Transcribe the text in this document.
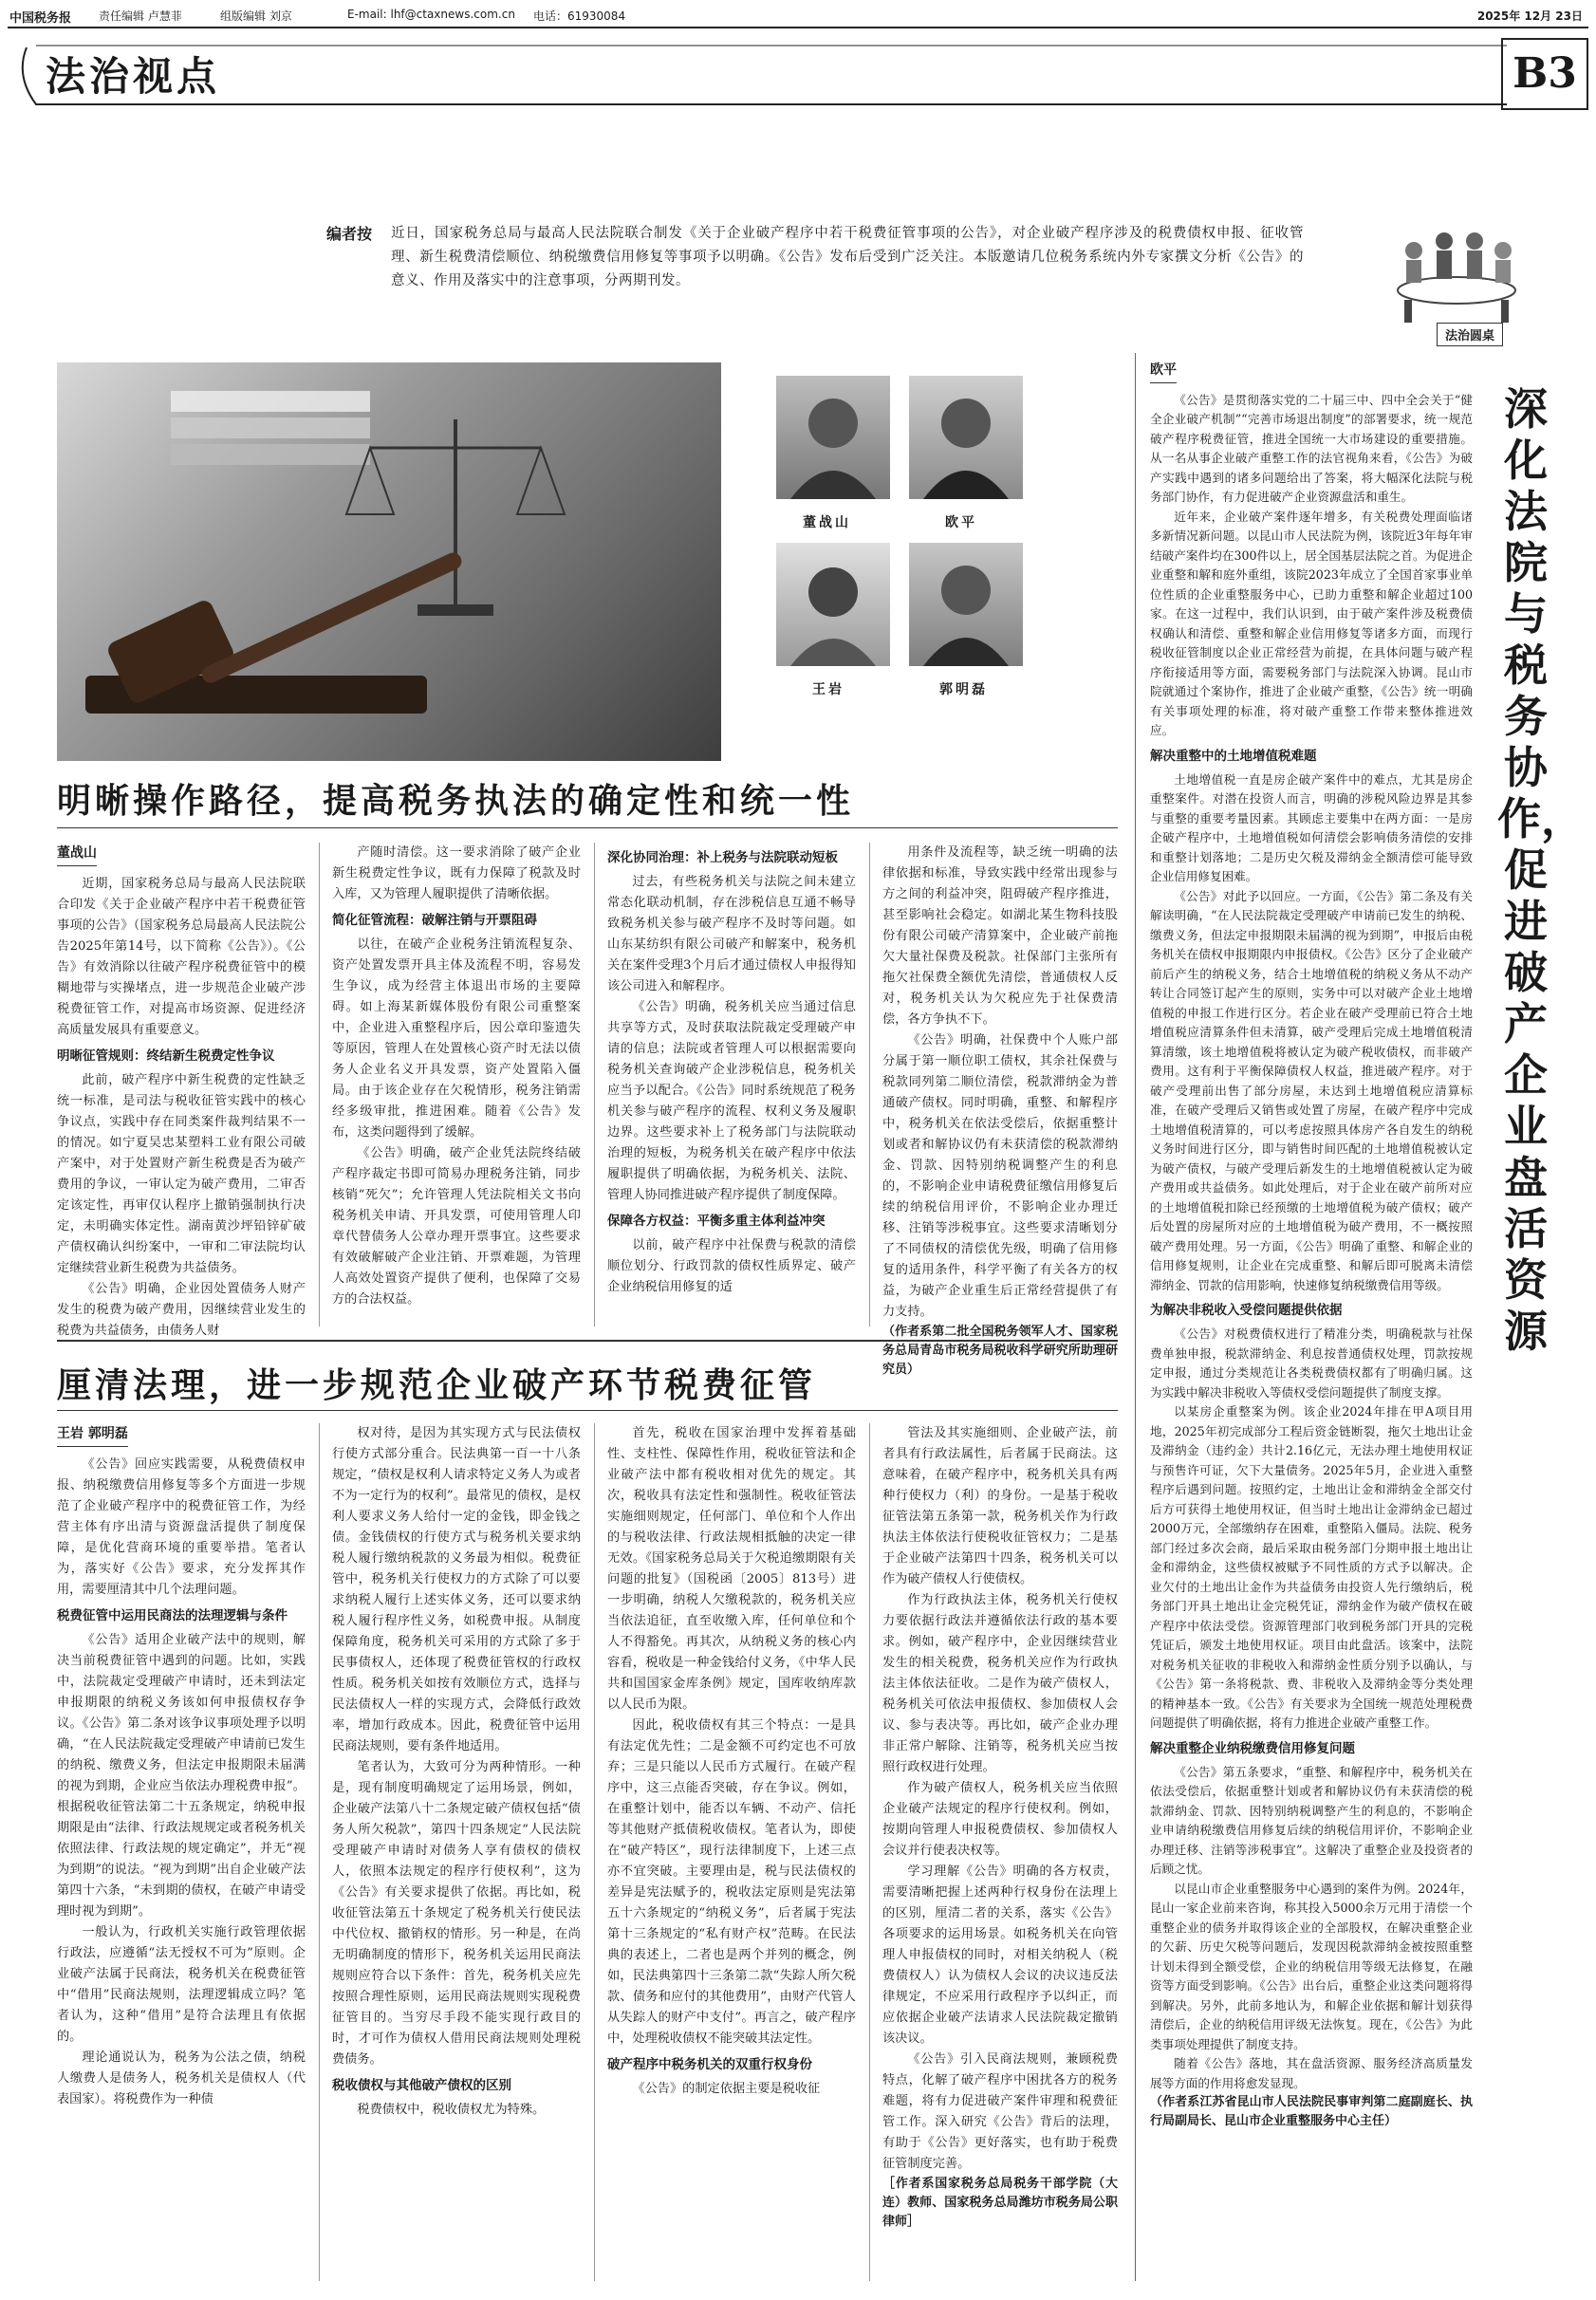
中国税务报 责任编辑 卢慧菲	组版编辑 刘京	E-mail: lhf@ctaxnews.com.cn 电话：61930084	2025年 12月 23日
法治视点	B3
编者按 近日，国家税务总局与最高人民法院联合制发《关于企业破产程序中若干税费征管事项的公告》，对企业破产程序涉及的税费债权申报、征收管理、新生税费清偿顺位、纳税缴费信用修复等事项予以明确。《公告》发布后受到广泛关注。本版邀请几位税务系统内外专家撰文分析《公告》的意义、作用及落实中的注意事项，分两期刊发。
法治圆桌
董战山	欧平
王岩	郭明磊
明晰操作路径，提高税务执法的确定性和统一性
董战山

近期，国家税务总局与最高人民法院联合印发《关于企业破产程序中若干税费征管事项的公告》（国家税务总局最高人民法院公告2025年第14号，以下简称《公告》）。《公告》有效消除以往破产程序税费征管中的模糊地带与实操堵点，进一步规范企业破产涉税费征管工作，对提高市场资源、促进经济高质量发展具有重要意义。

明晰征管规则：终结新生税费定性争议

此前，破产程序中新生税费的定性缺乏统一标准，是司法与税收征管实践中的核心争议点，实践中存在同类案件裁判结果不一的情况。如宁夏吴忠某塑料工业有限公司破产案中，对于处置财产新生税费是否为破产费用的争议，一审认定为破产费用，二审否定该定性，再审仅认程序上撤销强制执行决定，未明确实体定性。湖南黄沙坪铅锌矿破产债权确认纠纷案中，一审和二审法院均认定继续营业新生税费为共益债务。

《公告》明确，企业因处置债务人财产发生的税费为破产费用，因继续营业发生的税费为共益债务，由债务人财

产随时清偿。这一要求消除了破产企业新生税费定性争议，既有力保障了税款及时入库，又为管理人履职提供了清晰依据。

简化征管流程：破解注销与开票阻碍

以往，在破产企业税务注销流程复杂、资产处置发票开具主体及流程不明，容易发生争议，成为经营主体退出市场的主要障碍。如上海某新媒体股份有限公司重整案中，企业进入重整程序后，因公章印鉴遗失等原因，管理人在处置核心资产时无法以债务人企业名义开具发票，资产处置陷入僵局。由于该企业存在欠税情形，税务注销需经多级审批，推进困难。随着《公告》发布，这类问题得到了缓解。

《公告》明确，破产企业凭法院终结破产程序裁定书即可简易办理税务注销，同步核销“死欠”；允许管理人凭法院相关文书向税务机关申请、开具发票，可使用管理人印章代替债务人公章办理开票事宜。这些要求有效破解破产企业注销、开票难题，为管理人高效处置资产提供了便利，也保障了交易方的合法权益。

深化协同治理：补上税务与法院联动短板

过去，有些税务机关与法院之间未建立常态化联动机制，存在涉税信息互通不畅导致税务机关参与破产程序不及时等问题。如山东某纺织有限公司破产和解案中，税务机关在案件受理3个月后才通过债权人申报得知该公司进入和解程序。

《公告》明确，税务机关应当通过信息共享等方式，及时获取法院裁定受理破产申请的信息；法院或者管理人可以根据需要向税务机关查询破产企业涉税信息，税务机关应当予以配合。《公告》同时系统规范了税务机关参与破产程序的流程、权利义务及履职边界。这些要求补上了税务部门与法院联动治理的短板，为税务机关在破产程序中依法履职提供了明确依据，为税务机关、法院、管理人协同推进破产程序提供了制度保障。

保障各方权益：平衡多重主体利益冲突

以前，破产程序中社保费与税款的清偿顺位划分、行政罚款的债权性质界定、破产企业纳税信用修复的适

用条件及流程等，缺乏统一明确的法律依据和标准，导致实践中经常出现参与方之间的利益冲突，阻碍破产程序推进，甚至影响社会稳定。如湖北某生物科技股份有限公司破产清算案中，企业破产前拖欠大量社保费及税款。社保部门主张所有拖欠社保费全额优先清偿，普通债权人反对，税务机关认为欠税应先于社保费清偿，各方争执不下。

《公告》明确，社保费中个人账户部分属于第一顺位职工债权，其余社保费与税款同列第二顺位清偿，税款滞纳金为普通破产债权。同时明确，重整、和解程序中，税务机关在依法受偿后，依据重整计划或者和解协议仍有未获清偿的税款滞纳金、罚款、因特别纳税调整产生的利息的，不影响企业申请税费征缴信用修复后续的纳税信用评价，不影响企业办理迁移、注销等涉税事宜。这些要求清晰划分了不同债权的清偿优先级，明确了信用修复的适用条件，科学平衡了有关各方的权益，为破产企业重生后正常经营提供了有力支持。

（作者系第二批全国税务领军人才、国家税务总局青岛市税务局税收科学研究所助理研究员）

厘清法理，进一步规范企业破产环节税费征管
王岩 郭明磊

《公告》回应实践需要，从税费债权申报、纳税缴费信用修复等多个方面进一步规范了企业破产程序中的税费征管工作，为经营主体有序出清与资源盘活提供了制度保障，是优化营商环境的重要举措。笔者认为，落实好《公告》要求，充分发挥其作用，需要厘清其中几个法理问题。

税费征管中运用民商法的法理逻辑与条件

《公告》适用企业破产法中的规则，解决当前税费征管中遇到的问题。比如，实践中，法院裁定受理破产申请时，还未到法定申报期限的纳税义务该如何申报债权存争议。《公告》第二条对该争议事项处理予以明确，“在人民法院裁定受理破产申请前已发生的纳税、缴费义务，但法定申报期限未届满的视为到期，企业应当依法办理税费申报”。根据税收征管法第二十五条规定，纳税申报期限是由“法律、行政法规规定或者税务机关依照法律、行政法规的规定确定”，并无“视为到期”的说法。“视为到期”出自企业破产法第四十六条，“未到期的债权，在破产申请受理时视为到期”。

一般认为，行政机关实施行政管理依据行政法，应遵循“法无授权不可为”原则。企业破产法属于民商法，税务机关在税费征管中“借用”民商法规则，法理逻辑成立吗？笔者认为，这种“借用”是符合法理且有依据的。

理论通说认为，税务为公法之债，纳税人缴费人是债务人，税务机关是债权人（代表国家）。将税费作为一种债

权对待，是因为其实现方式与民法债权行使方式部分重合。民法典第一百一十八条规定，“债权是权利人请求特定义务人为或者不为一定行为的权利”。最常见的债权，是权利人要求义务人给付一定的金钱，即金钱之债。金钱债权的行使方式与税务机关要求纳税人履行缴纳税款的义务最为相似。税费征管中，税务机关行使权力的方式除了可以要求纳税人履行上述实体义务，还可以要求纳税人履行程序性义务，如税费申报。从制度保障角度，税务机关可采用的方式除了多于民事债权人，还体现了税费征管权的行政权性质。税务机关如按有效顺位方式，选择与民法债权人一样的实现方式，会降低行政效率，增加行政成本。因此，税费征管中运用民商法规则，要有条件地适用。

笔者认为，大致可分为两种情形。一种是，现有制度明确规定了运用场景，例如，企业破产法第八十二条规定破产债权包括“债务人所欠税款”，第四十四条规定“人民法院受理破产申请时对债务人享有债权的债权人，依照本法规定的程序行使权利”，这为《公告》有关要求提供了依据。再比如，税收征管法第五十条规定了税务机关行使民法中代位权、撤销权的情形。另一种是，在尚无明确制度的情形下，税务机关运用民商法规则应符合以下条件：首先，税务机关应先按照合理性原则，运用民商法规则实现税费征管目的。当穷尽手段不能实现行政目的时，才可作为债权人借用民商法规则处理税费债务。

税收债权与其他破产债权的区别

税费债权中，税收债权尤为特殊。

首先，税收在国家治理中发挥着基础性、支柱性、保障性作用，税收征管法和企业破产法中都有税收相对优先的规定。其次，税收具有法定性和强制性。税收征管法实施细则规定，任何部门、单位和个人作出的与税收法律、行政法规相抵触的决定一律无效。《国家税务总局关于欠税追缴期限有关问题的批复》（国税函〔2005〕813号）进一步明确，纳税人欠缴税款的，税务机关应当依法追征，直至收缴入库，任何单位和个人不得豁免。再其次，从纳税义务的核心内容看，税收是一种金钱给付义务，《中华人民共和国国家金库条例》规定，国库收纳库款以人民币为限。

因此，税收债权有其三个特点：一是具有法定优先性；二是金额不可约定也不可放弃；三是只能以人民币方式履行。在破产程序中，这三点能否突破，存在争议。例如，在重整计划中，能否以车辆、不动产、信托等其他财产抵债税收债权。笔者认为，即使在“破产特区”，现行法律制度下，上述三点亦不宜突破。主要理由是，税与民法债权的差异是宪法赋予的，税收法定原则是宪法第五十六条规定的“纳税义务”，后者属于宪法第十三条规定的“私有财产权”范畴。在民法典的表述上，二者也是两个并列的概念，例如，民法典第四十三条第二款“失踪人所欠税款、债务和应付的其他费用”，由财产代管人从失踪人的财产中支付”。再言之，破产程序中，处理税收债权不能突破其法定性。

破产程序中税务机关的双重行权身份

《公告》的制定依据主要是税收征

管法及其实施细则、企业破产法，前者具有行政法属性，后者属于民商法。这意味着，在破产程序中，税务机关具有两种行使权力（利）的身份。一是基于税收征管法第五条第一款，税务机关作为行政执法主体依法行使税收征管权力；二是基于企业破产法第四十四条，税务机关可以作为破产债权人行使债权。

作为行政执法主体，税务机关行使权力要依据行政法并遵循依法行政的基本要求。例如，破产程序中，企业因继续营业发生的相关税费，税务机关应作为行政执法主体依法征收。二是作为破产债权人，税务机关可依法申报债权、参加债权人会议、参与表决等。再比如，破产企业办理非正常户解除、注销等，税务机关应当按照行政权进行处理。

作为破产债权人，税务机关应当依照企业破产法规定的程序行使权利。例如，按期向管理人申报税费债权、参加债权人会议并行使表决权等。

学习理解《公告》明确的各方权责，需要清晰把握上述两种行权身份在法理上的区别，厘清二者的关系，落实《公告》各项要求的运用场景。如税务机关在向管理人申报债权的同时，对相关纳税人（税费债权人）认为债权人会议的决议违反法律规定，不应采用行政程序予以纠正，而应依据企业破产法请求人民法院裁定撤销该决议。

《公告》引入民商法规则，兼顾税费特点，化解了破产程序中困扰各方的税务难题，将有力促进破产案件审理和税费征管工作。深入研究《公告》背后的法理，有助于《公告》更好落实，也有助于税费征管制度完善。

［作者系国家税务总局税务干部学院（大连）教师、国家税务总局潍坊市税务局公职律师］

欧平

《公告》是贯彻落实党的二十届三中、四中全会关于“健全企业破产机制”“完善市场退出制度”的部署要求，统一规范破产程序税费征管，推进全国统一大市场建设的重要措施。从一名从事企业破产重整工作的法官视角来看，《公告》为破产实践中遇到的诸多问题给出了答案，将大幅深化法院与税务部门协作，有力促进破产企业资源盘活和重生。

近年来，企业破产案件逐年增多，有关税费处理面临诸多新情况新问题。以昆山市人民法院为例，该院近3年每年审结破产案件均在300件以上，居全国基层法院之首。为促进企业重整和解和庭外重组，该院2023年成立了全国首家事业单位性质的企业重整服务中心，已助力重整和解企业超过100家。在这一过程中，我们认识到，由于破产案件涉及税费债权确认和清偿、重整和解企业信用修复等诸多方面，而现行税收征管制度以企业正常经营为前提，在具体问题与破产程序衔接适用等方面，需要税务部门与法院深入协调。昆山市院就通过个案协作，推进了企业破产重整，《公告》统一明确有关事项处理的标准，将对破产重整工作带来整体推进效应。

解决重整中的土地增值税难题

土地增值税一直是房企破产案件中的难点，尤其是房企重整案件。对潜在投资人而言，明确的涉税风险边界是其参与重整的重要考量因素。其顾虑主要集中在两方面：一是房企破产程序中，土地增值税如何清偿会影响债务清偿的安排和重整计划落地；二是历史欠税及滞纳金全额清偿可能导致企业信用修复困难。

《公告》对此予以回应。一方面，《公告》第二条及有关解读明确，“在人民法院裁定受理破产申请前已发生的纳税、缴费义务，但法定申报期限未届满的视为到期”，申报后由税务机关在债权申报期限内申报债权。《公告》区分了企业破产前后产生的纳税义务，结合土地增值税的纳税义务从不动产转让合同签订起产生的原则，实务中可以对破产企业土地增值税的申报工作进行区分。若企业在破产受理前已符合土地增值税应清算条件但未清算，破产受理后完成土地增值税清算清缴，该土地增值税将被认定为破产税收债权，而非破产费用。这有利于平衡保障债权人权益，推进破产程序。对于破产受理前出售了部分房屋，未达到土地增值税应清算标准，在破产受理后又销售或处置了房屋，在破产程序中完成土地增值税清算的，可以考虑按照具体房产各自发生的纳税义务时间进行区分，即与销售时间匹配的土地增值税被认定为破产债权，与破产受理后新发生的土地增值税被认定为破产费用或共益债务。如此处理后，对于企业在破产前所对应的土地增值税扣除已经预缴的土地增值税为破产债权；破产后处置的房屋所对应的土地增值税为破产费用，不一概按照破产费用处理。另一方面，《公告》明确了重整、和解企业的信用修复规则，让企业在完成重整、和解后即可脱离未清偿滞纳金、罚款的信用影响，快速修复纳税缴费信用等级。

为解决非税收入受偿问题提供依据

《公告》对税费债权进行了精准分类，明确税款与社保费单独申报，税款滞纳金、利息按普通债权处理，罚款按规定申报，通过分类规范让各类税费债权都有了明确归属。这为实践中解决非税收入等债权受偿问题提供了制度支撑。

以某房企重整案为例。该企业2024年排在甲A项目用地，2025年初完成部分工程后资金链断裂，拖欠土地出让金及滞纳金（违约金）共计2.16亿元，无法办理土地使用权证与预售许可证，欠下大量债务。2025年5月，企业进入重整程序后遇到问题。按照约定，土地出让金和滞纳金全部交付后方可获得土地使用权证，但当时土地出让金滞纳金已超过2000万元，全部缴纳存在困难，重整陷入僵局。法院、税务部门经过多次会商，最后采取由税务部门分期申报土地出让金和滞纳金，这些债权被赋予不同性质的方式予以解决。企业欠付的土地出让金作为共益债务由投资人先行缴纳后，税务部门开具土地出让金完税凭证，滞纳金作为破产债权在破产程序中依法受偿。资源管理部门收到税务部门开具的完税凭证后，颁发土地使用权证。项目由此盘活。该案中，法院对税务机关征收的非税收入和滞纳金性质分别予以确认，与《公告》第一条将税款、费、非税收入及滞纳金等分类处理的精神基本一致。《公告》有关要求为全国统一规范处理税费问题提供了明确依据，将有力推进企业破产重整工作。

解决重整企业纳税缴费信用修复问题

《公告》第五条要求，“重整、和解程序中，税务机关在依法受偿后，依据重整计划或者和解协议仍有未获清偿的税款滞纳金、罚款、因特别纳税调整产生的利息的，不影响企业申请纳税缴费信用修复后续的纳税信用评价，不影响企业办理迁移、注销等涉税事宜”。这解决了重整企业及投资者的后顾之忧。

以昆山市企业重整服务中心遇到的案件为例。2024年，昆山一家企业前来咨询，称其投入5000余万元用于清偿一个重整企业的债务并取得该企业的全部股权，在解决重整企业的欠薪、历史欠税等问题后，发现因税款滞纳金被按照重整计划未得到全额受偿，企业的纳税信用等级无法修复，在融资等方面受到影响。《公告》出台后，重整企业这类问题将得到解决。另外，此前多地认为，和解企业依据和解计划获得清偿后，企业的纳税信用评级无法恢复。现在，《公告》为此类事项处理提供了制度支持。

随着《公告》落地，其在盘活资源、服务经济高质量发展等方面的作用将愈发显现。

（作者系江苏省昆山市人民法院民事审判第二庭副庭长、执行局副局长、昆山市企业重整服务中心主任）

深化法院与税务协作，促进破产企业盘活资源
